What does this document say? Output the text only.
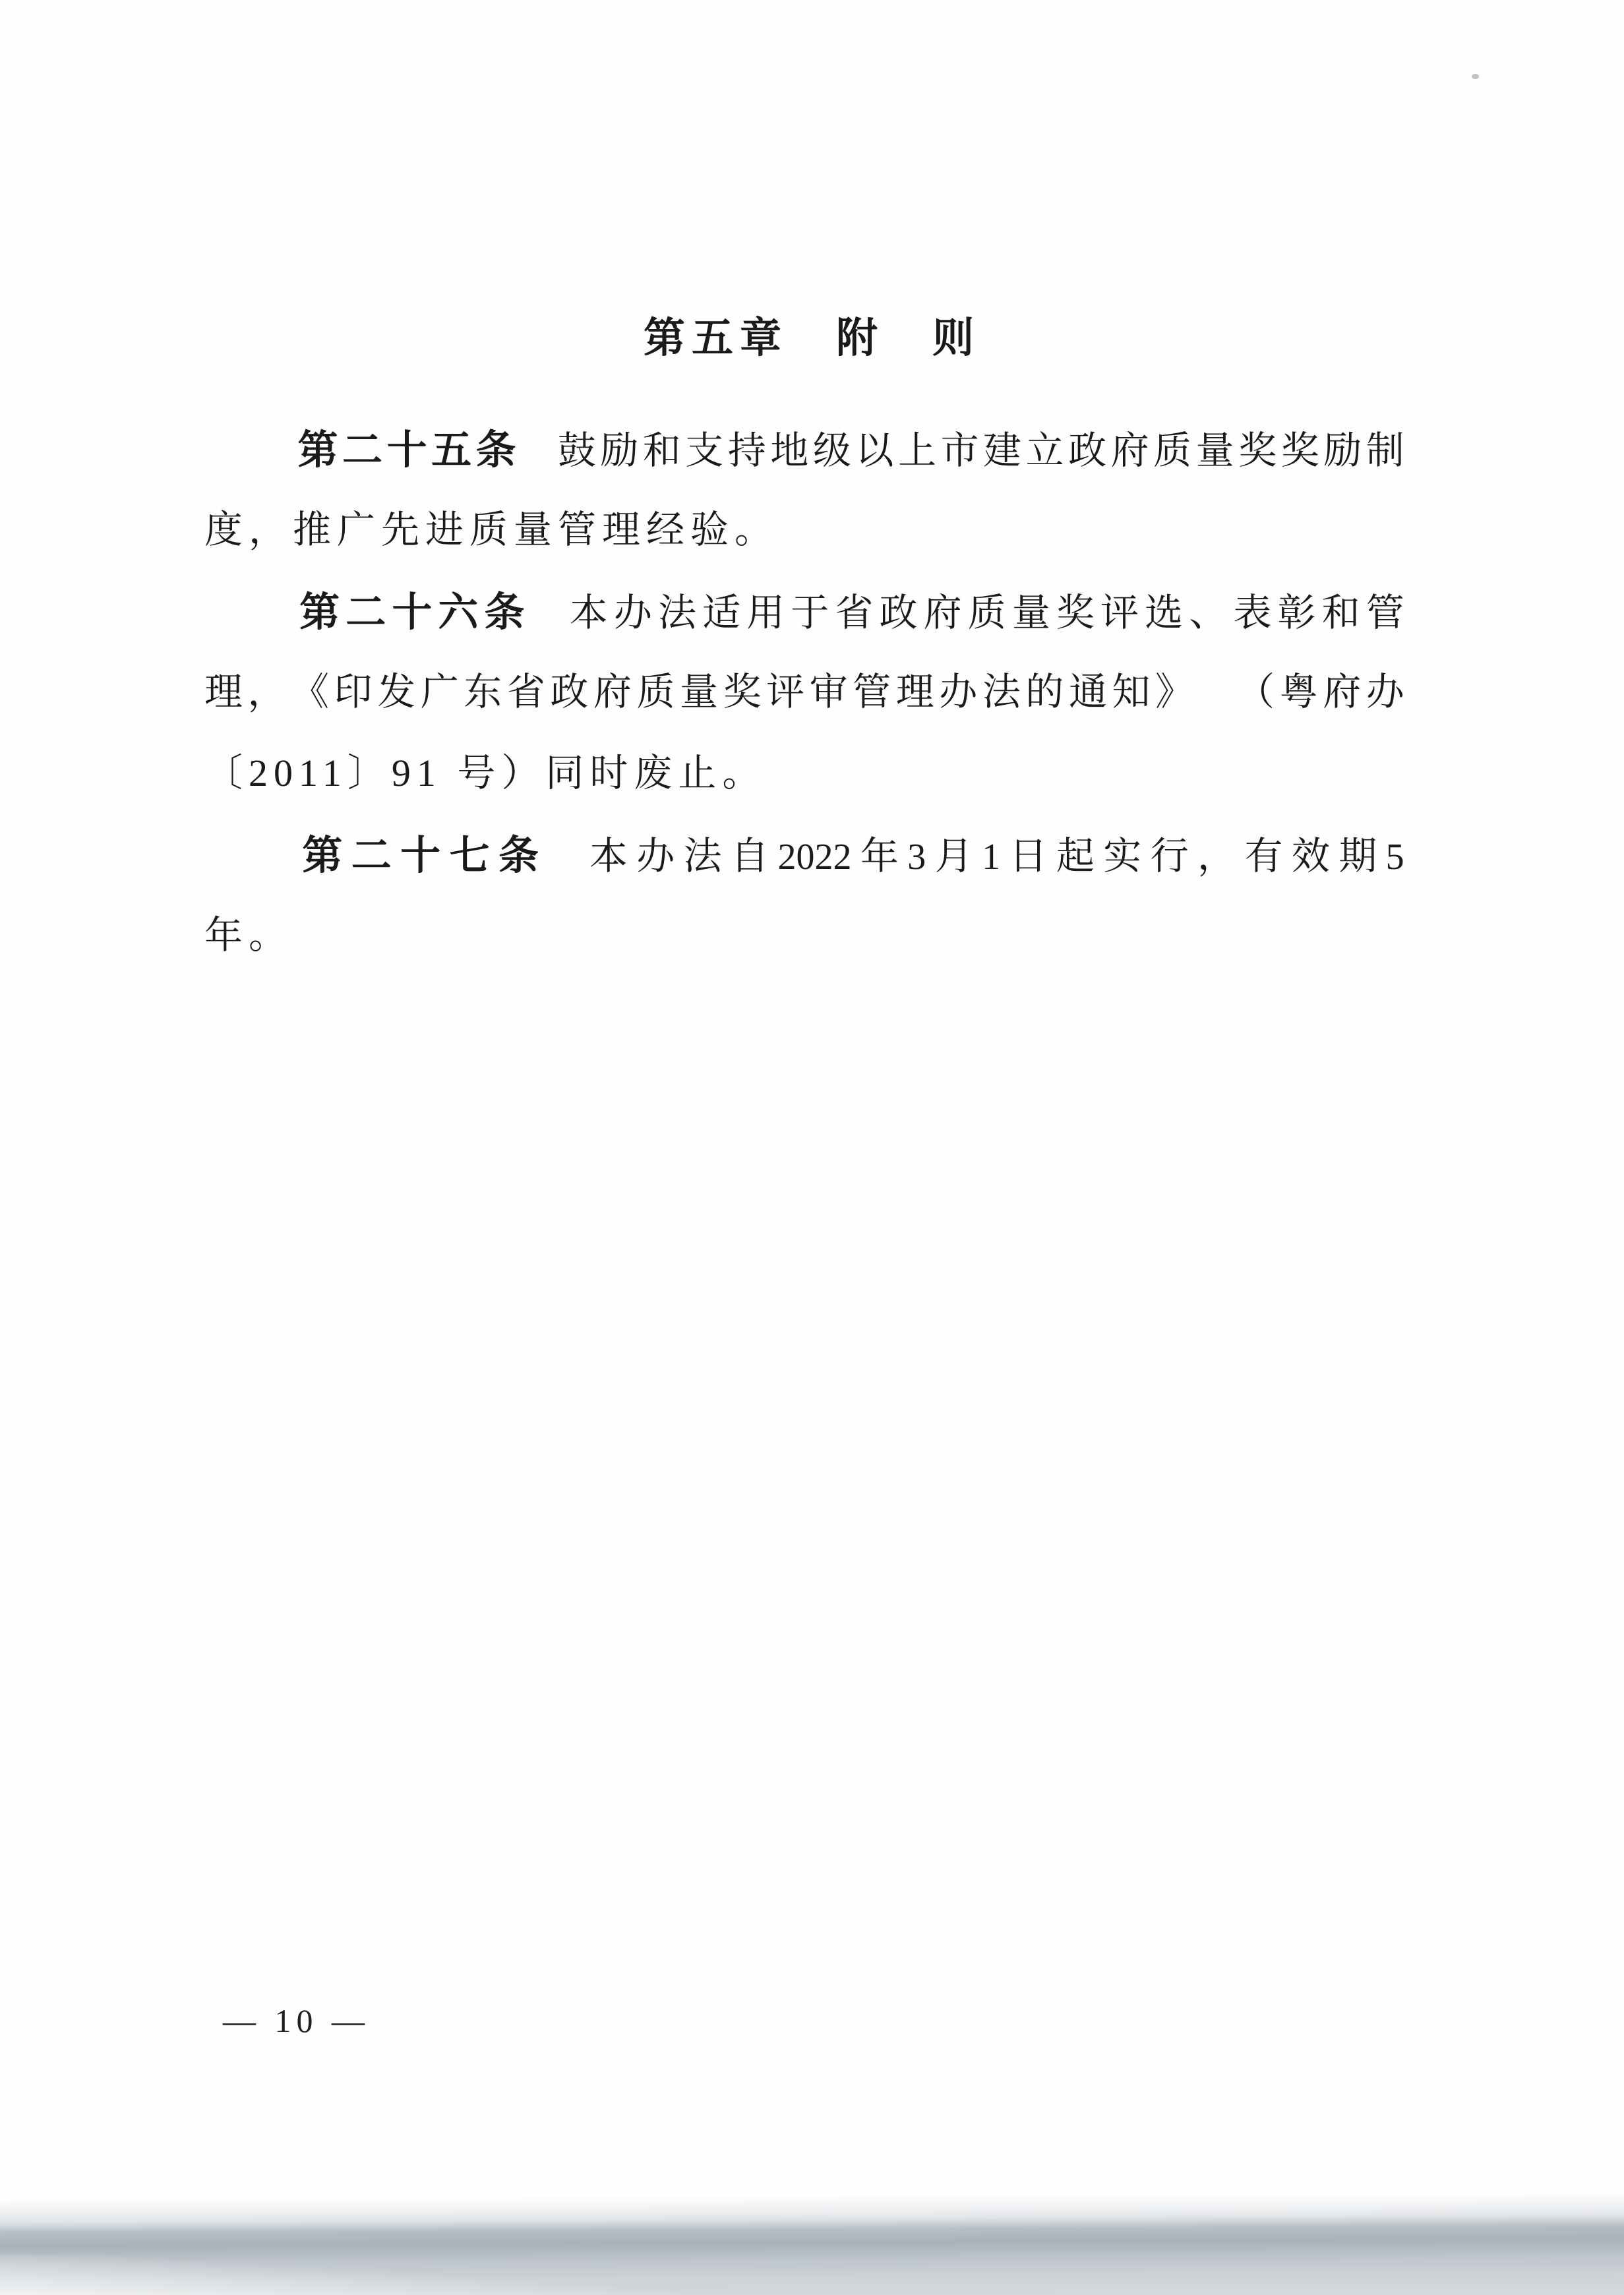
第五章　附　则
第 二 十 五 条 鼓 励 和 支 持 地 级 以 上 市 建 立 政 府 质 量 奖 奖 励 制
度，推广先进质量管理经验。
第 二 十 六 条 本 办 法 适 用 于 省 政 府 质 量 奖 评 选 、 表 彰 和 管
理 ， 《 印 发 广 东 省 政 府 质 量 奖 评 审 管 理 办 法 的 通 知 》 （ 粤 府 办
〔2011〕91 号）同时废止。
第 二 十 七 条 本 办 法 自 2022 年 3 月 1 日 起 实 行 ， 有 效 期 5
年。
— 10 —
